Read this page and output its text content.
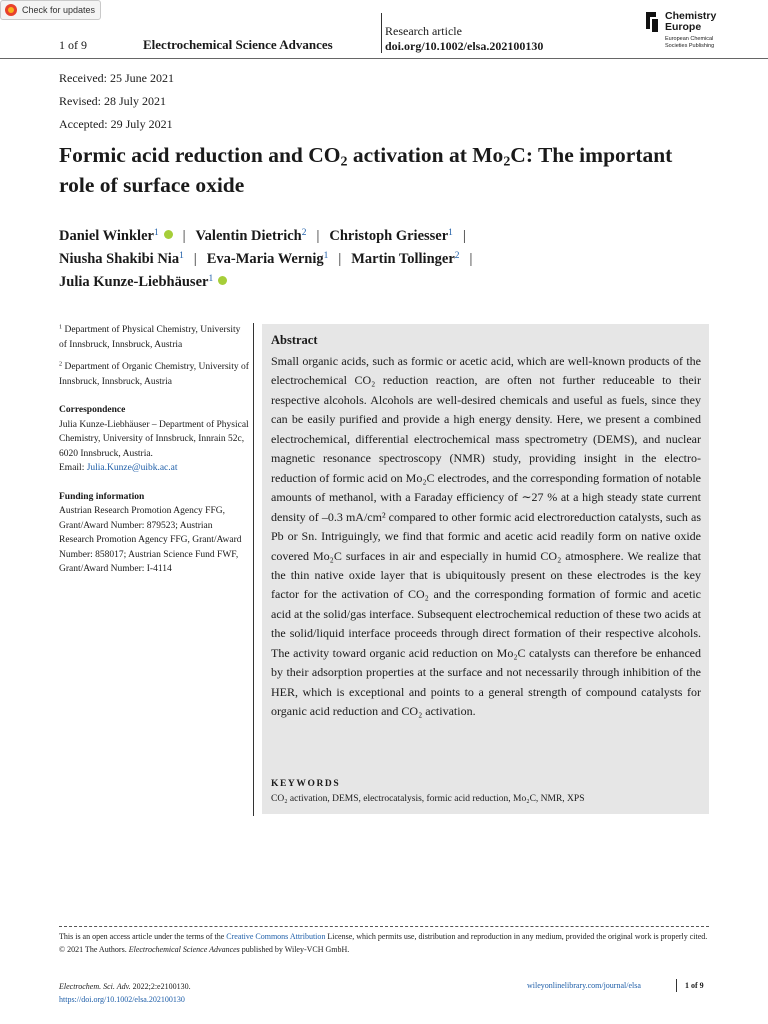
Check for updates
1 of 9	Electrochemical Science Advances
Research article
doi.org/10.1002/elsa.202100130
Chemistry
Europe
European Chemical Societies Publishing
Received: 25 June 2021
Revised: 28 July 2021
Accepted: 29 July 2021
Formic acid reduction and $CO_2$ activation at $Mo_2C$: The important role of surface oxide
Daniel Winkler$^1$ | Valentin Dietrich$^2$ | Christoph Griesser$^1$ |
Niusha Shakibi Nia$^1$ | Eva-Maria Wernig$^1$ | Martin Tollinger$^2$ |
Julia Kunze-Liebhäuser$^1$

$^1$ Department of Physical Chemistry, University of Innsbruck, Innsbruck, Austria

$^2$ Department of Organic Chemistry, University of Innsbruck, Innsbruck, Austria

Correspondence

Julia Kunze-Liebhäuser – Department of Physical Chemistry, University of Innsbruck, Innrain 52c, 6020 Innsbruck, Austria.

Email: Julia.Kunze@uibk.ac.at

Funding information

Austrian Research Promotion Agency FFG, Grant/Award Number: 879523; Austrian Research Promotion Agency FFG, Grant/Award Number: 858017; Austrian Science Fund FWF, Grant/Award Number: I-4114

Abstract

Small organic acids, such as formic or acetic acid, which are well-known products of the electrochemical CO₂ reduction reaction, are often not further reduceable to their respective alcohols. Alcohols are well-desired chemicals and useful as fuels, since they can be easily purified and provide a high energy density. Here, we present a combined electrochemical, differential electrochemical mass spectrometry (DEMS), and nuclear magnetic resonance spectroscopy (NMR) study, providing insight in the electro-reduction of formic acid on Mo₂C electrodes, and the corresponding formation of notable amounts of methanol, with a Faraday efficiency of ∼27 % at a high steady state current density of –0.3 mA/cm² compared to other formic acid electroreduction catalysts, such as Pb or Sn. Intriguingly, we find that formic and acetic acid readily form on native oxide covered Mo₂C surfaces in air and especially in humid CO₂ atmosphere. We realize that the thin native oxide layer that is ubiquitously present on these electrodes is the key factor for the activation of CO₂ and the corresponding formation of formic and acetic acid at the solid/gas interface. Subsequent electrochemical reduction of these two acids at the solid/liquid interface proceeds through direct formation of their respective alcohols. The activity toward organic acid reduction on Mo₂C catalysts can therefore be enhanced by their adsorption properties at the surface and not necessarily through inhibition of the HER, which is exceptional and points to a general strength of compound catalysts for organic acid reduction and CO₂ activation.

KEYWORDS
CO₂ activation, DEMS, electrocatalysis, formic acid reduction, Mo₂C, NMR, XPS

This is an open access article under the terms of the Creative Commons Attribution License, which permits use, distribution and reproduction in any medium, provided the original work is properly cited.
© 2021 The Authors. Electrochemical Science Advances published by Wiley-VCH GmbH.

Electrochem. Sci. Adv. 2022;2:e2100130.
https://doi.org/10.1002/elsa.202100130
wileyonlinelibrary.com/journal/elsa	1 of 9
